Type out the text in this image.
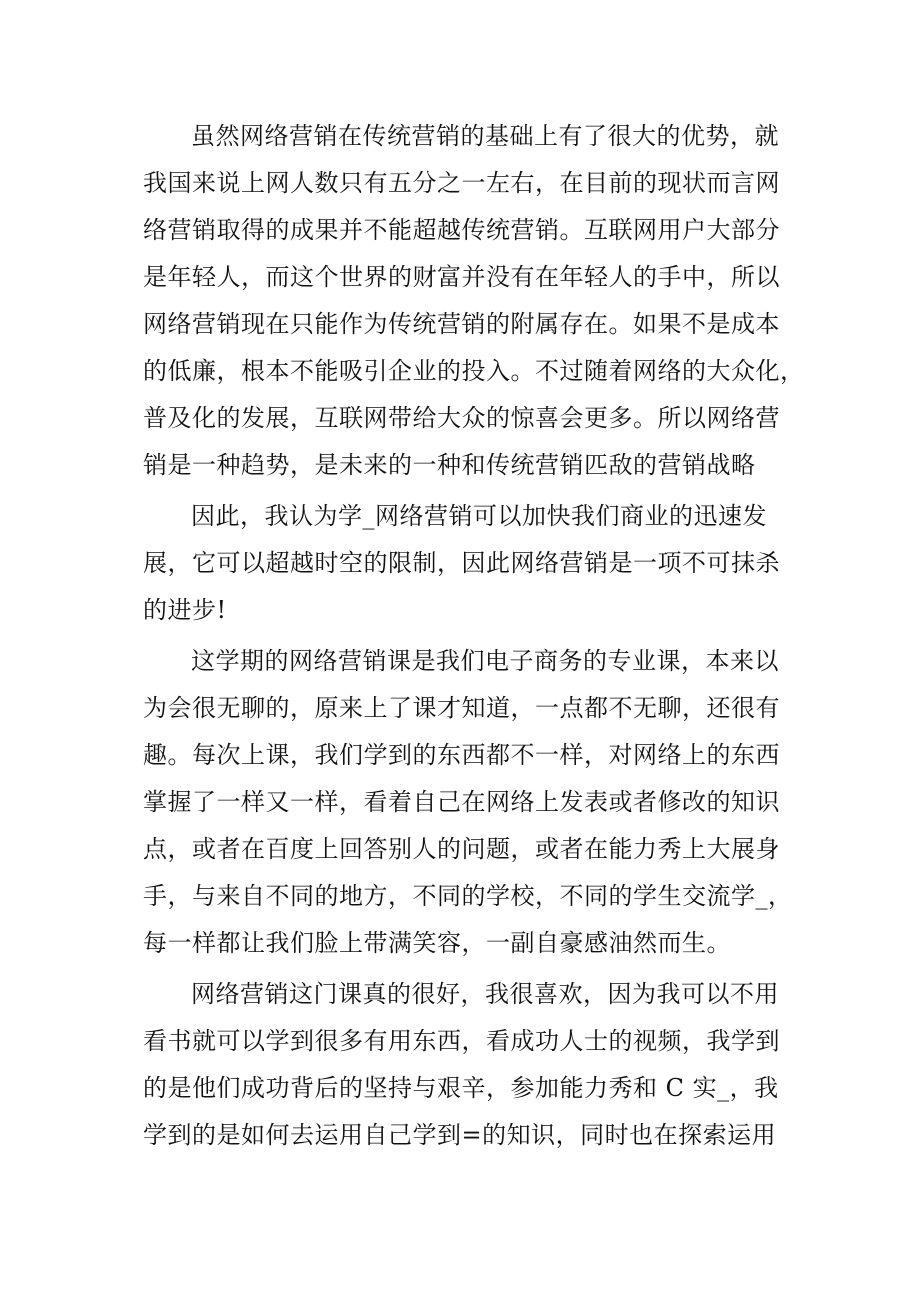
虽然网络营销在传统营销的基础上有了很大的优势，就
我国来说上网人数只有五分之一左右，在目前的现状而言网
络营销取得的成果并不能超越传统营销。互联网用户大部分
是年轻人，而这个世界的财富并没有在年轻人的手中，所以
网络营销现在只能作为传统营销的附属存在。如果不是成本
的低廉，根本不能吸引企业的投入。不过随着网络的大众化，
普及化的发展，互联网带给大众的惊喜会更多。所以网络营
销是一种趋势，是未来的一种和传统营销匹敌的营销战略
因此，我认为学_网络营销可以加快我们商业的迅速发
展，它可以超越时空的限制，因此网络营销是一项不可抹杀
的进步!
这学期的网络营销课是我们电子商务的专业课，本来以
为会很无聊的，原来上了课才知道，一点都不无聊，还很有
趣。每次上课，我们学到的东西都不一样，对网络上的东西
掌握了一样又一样，看着自己在网络上发表或者修改的知识
点，或者在百度上回答别人的问题，或者在能力秀上大展身
手，与来自不同的地方，不同的学校，不同的学生交流学_，
每一样都让我们脸上带满笑容，一副自豪感油然而生。
网络营销这门课真的很好，我很喜欢，因为我可以不用
看书就可以学到很多有用东西，看成功人士的视频，我学到
的是他们成功背后的坚持与艰辛，参加能力秀和 C 实_，我
学到的是如何去运用自己学到=的知识，同时也在探索运用
